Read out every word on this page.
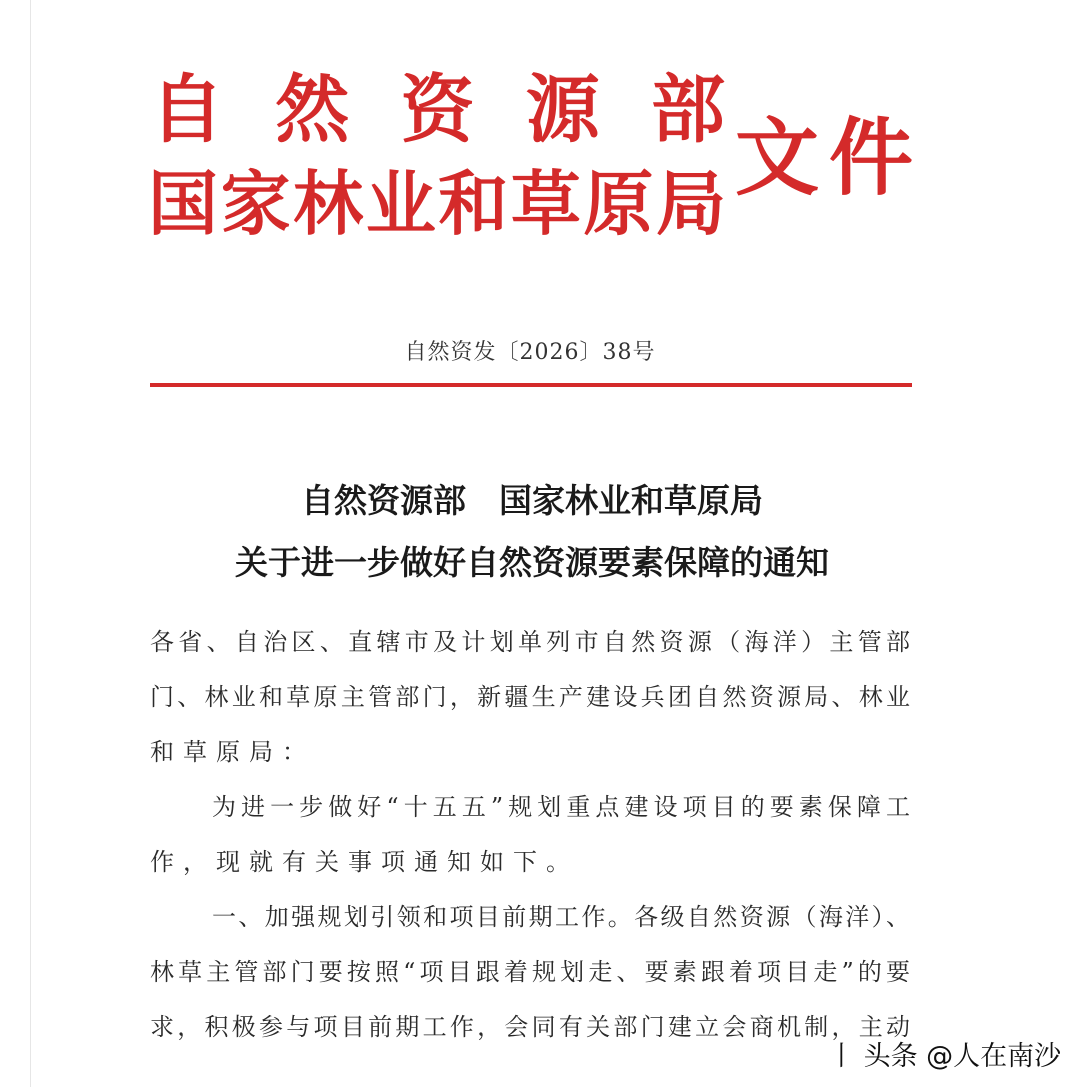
自 然 资 源 部
国 家 林 业 和 草 原 局 文 件
自然资发〔2026〕38号
自然资源部　国家林业和草原局
关于进一步做好自然资源要素保障的通知
各省、自治区、直辖市及计划单列市自然资源（海洋）主管部
门、林业和草原主管部门，新疆生产建设兵团自然资源局、林业
和草原局：
为进一步做好“十五五”规划重点建设项目的要素保障工
作，现就有关事项通知如下。
一、加强规划引领和项目前期工作。各级自然资源（海洋）、
林草主管部门要按照“项目跟着规划走、要素跟着项目走”的要
求，积极参与项目前期工作，会同有关部门建立会商机制，主动
丨 头条 @人在南沙
